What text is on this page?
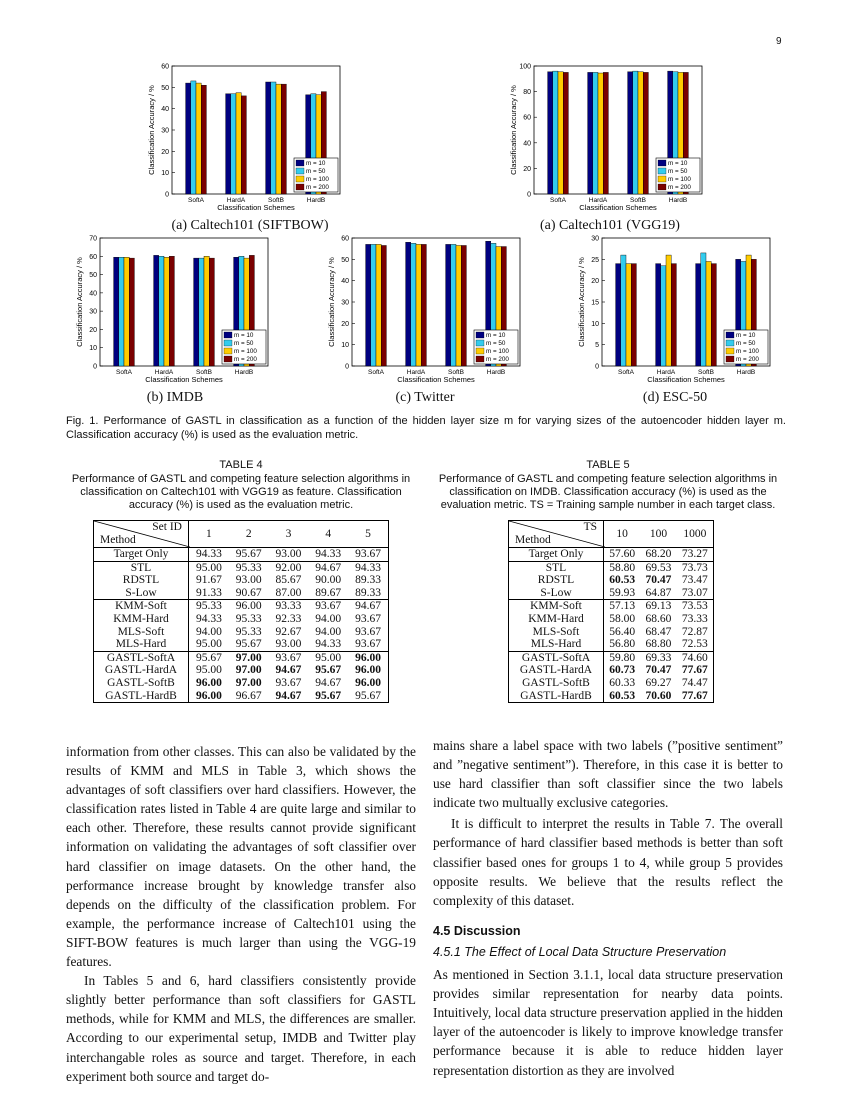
9
0
10
20
30
40
50
60
Classification Accuracy / %
SoftA	HardA	SoftB	HardB
Classification Schemes
m = 10
m = 50
m = 100
m = 200
(a) Caltech101 (SIFTBOW)
0
20
40
60
80
100
Classification Accuracy / %
SoftA	HardA	SoftB	HardB
Classification Schemes
m = 10
m = 50
m = 100
m = 200
(a) Caltech101 (VGG19)
0
10
20
30
40
50
60
70
Classification Accuracy / %
SoftA	HardA	SoftB	HardB
Classification Schemes
m = 10
m = 50
m = 100
m = 200
(b) IMDB
0
10
20
30
40
50
60
Classification Accuracy / %
SoftA	HardA	SoftB	HardB
Classification Schemes
m = 10
m = 50
m = 100
m = 200
(c) Twitter
0
5
10
15
20
25
30
Classification Accuracy / %
SoftA	HardA	SoftB	HardB
Classification Schemes
m = 10
m = 50
m = 100
m = 200
(d) ESC-50
Fig. 1. Performance of GASTL in classification as a function of the hidden layer size m for varying sizes of the autoencoder hidden layer m. Classification accuracy (%) is used as the evaluation metric.
TABLE 4
Performance of GASTL and competing feature selection algorithms in classification on Caltech101 with VGG19 as feature. Classification accuracy (%) is used as the evaluation metric.
Set ID
Method	1	2	3	4	5
Target Only	94.33	95.67	93.00	94.33	93.67
STL	95.00	95.33	92.00	94.67	94.33
RDSTL	91.67	93.00	85.67	90.00	89.33
S-Low	91.33	90.67	87.00	89.67	89.33
KMM-Soft	95.33	96.00	93.33	93.67	94.67
KMM-Hard	94.33	95.33	92.33	94.00	93.67
MLS-Soft	94.00	95.33	92.67	94.00	93.67
MLS-Hard	95.00	95.67	93.00	94.33	93.67
GASTL-SoftA	95.67	97.00	93.67	95.00	96.00
GASTL-HardA	95.00	97.00	94.67	95.67	96.00
GASTL-SoftB	96.00	97.00	93.67	94.67	96.00
GASTL-HardB	96.00	96.67	94.67	95.67	95.67
TABLE 5
Performance of GASTL and competing feature selection algorithms in classification on IMDB. Classification accuracy (%) is used as the evaluation metric. TS = Training sample number in each target class.
TS
Method	10	100	1000
Target Only	57.60	68.20	73.27
STL	58.80	69.53	73.73
RDSTL	60.53	70.47	73.47
S-Low	59.93	64.87	73.07
KMM-Soft	57.13	69.13	73.53
KMM-Hard	58.00	68.60	73.33
MLS-Soft	56.40	68.47	72.87
MLS-Hard	56.80	68.80	72.53
GASTL-SoftA	59.80	69.33	74.60
GASTL-HardA	60.73	70.47	77.67
GASTL-SoftB	60.33	69.27	74.47
GASTL-HardB	60.53	70.60	77.67

information from other classes. This can also be validated by the results of KMM and MLS in Table 3, which shows the advantages of soft classifiers over hard classifiers. However, the classification rates listed in Table 4 are quite large and similar to each other. Therefore, these results cannot provide significant information on validating the advantages of soft classifier over hard classifier on image datasets. On the other hand, the performance increase brought by knowledge transfer also depends on the difficulty of the classification problem. For example, the performance increase of Caltech101 using the SIFT-BOW features is much larger than using the VGG-19 features.

In Tables 5 and 6, hard classifiers consistently provide slightly better performance than soft classifiers for GASTL methods, while for KMM and MLS, the differences are smaller. According to our experimental setup, IMDB and Twitter play interchangable roles as source and target. Therefore, in each experiment both source and target do-

mains share a label space with two labels (”positive sentiment” and ”negative sentiment”). Therefore, in this case it is better to use hard classifier than soft classifier since the two labels indicate two multually exclusive categories.

It is difficult to interpret the results in Table 7. The overall performance of hard classifier based methods is better than soft classifier based ones for groups 1 to 4, while group 5 provides opposite results. We believe that the results reflect the complexity of this dataset.

4.5 Discussion
4.5.1 The Effect of Local Data Structure Preservation

As mentioned in Section 3.1.1, local data structure preservation provides similar representation for nearby data points. Intuitively, local data structure preservation applied in the hidden layer of the autoencoder is likely to improve knowledge transfer performance because it is able to reduce hidden layer representation distortion as they are involved
